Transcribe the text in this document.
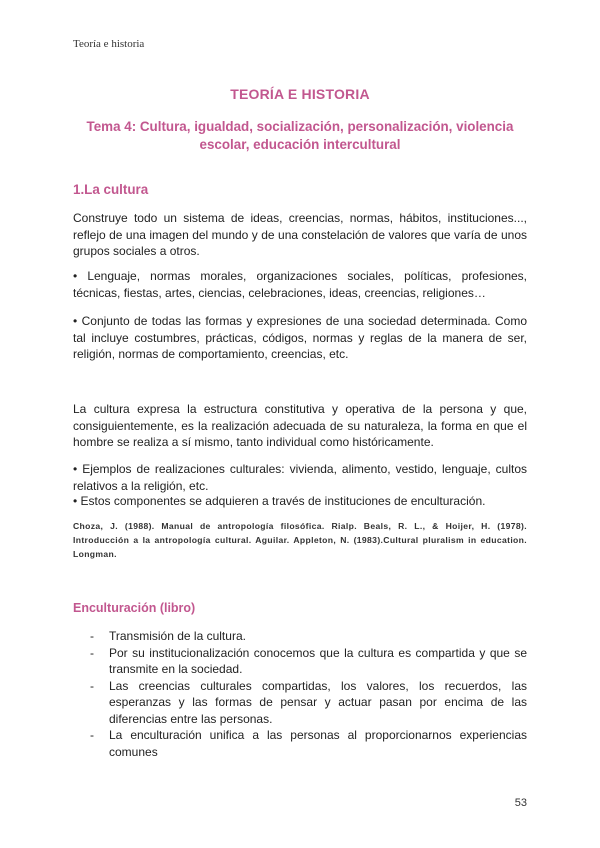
Teoría e historia
TEORÍA E HISTORIA
Tema 4: Cultura, igualdad, socialización, personalización, violencia escolar, educación intercultural
1.La cultura

Construye todo un sistema de ideas, creencias, normas, hábitos, instituciones..., reflejo de una imagen del mundo y de una constelación de valores que varía de unos grupos sociales a otros.

• Lenguaje, normas morales, organizaciones sociales, políticas, profesiones, técnicas, fiestas, artes, ciencias, celebraciones, ideas, creencias, religiones…

• Conjunto de todas las formas y expresiones de una sociedad determinada. Como tal incluye costumbres, prácticas, códigos, normas y reglas de la manera de ser, religión, normas de comportamiento, creencias, etc.

La cultura expresa la estructura constitutiva y operativa de la persona y que, consiguientemente, es la realización adecuada de su naturaleza, la forma en que el hombre se realiza a sí mismo, tanto individual como históricamente.

• Ejemplos de realizaciones culturales: vivienda, alimento, vestido, lenguaje, cultos relativos a la religión, etc.

• Estos componentes se adquieren a través de instituciones de enculturación.

Choza, J. (1988). Manual de antropología filosófica. Rialp. Beals, R. L., & Hoijer, H. (1978). Introducción a la antropología cultural. Aguilar. Appleton, N. (1983).Cultural pluralism in education. Longman.
Enculturación (libro)
- Transmisión de la cultura.
- Por su institucionalización conocemos que la cultura es compartida y que se transmite en la sociedad.
- Las creencias culturales compartidas, los valores, los recuerdos, las esperanzas y las formas de pensar y actuar pasan por encima de las diferencias entre las personas.
- La enculturación unifica a las personas al proporcionarnos experiencias comunes
53
